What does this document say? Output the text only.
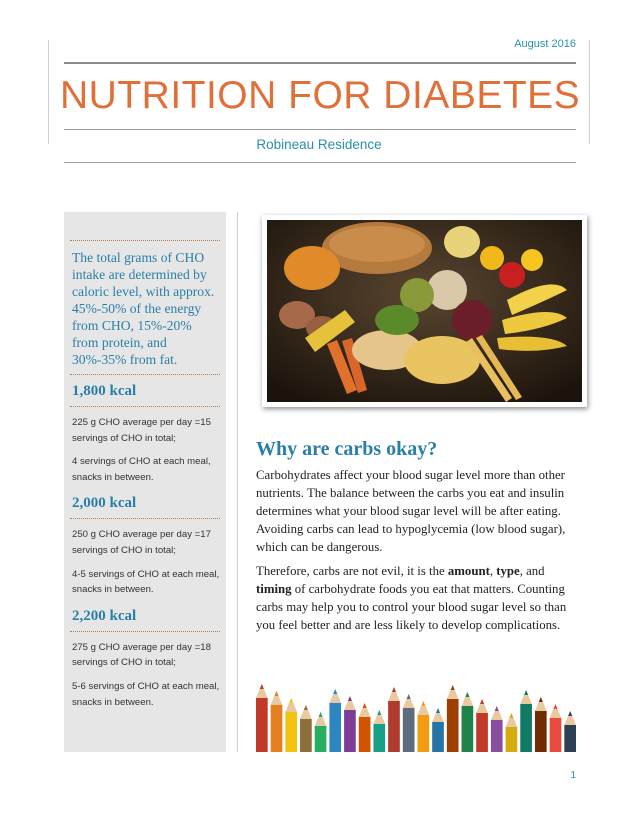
August 2016
NUTRITION FOR DIABETES
Robineau Residence
The total grams of CHO intake are determined by caloric level, with approx. 45%-50% of the energy from CHO, 15%-20% from protein, and 30%-35% from fat.
1,800 kcal
225 g CHO average per day =15 servings of CHO in total;
4 servings of CHO at each meal, snacks in between.
2,000 kcal
250 g CHO average per day =17 servings of CHO in total;
4-5 servings of CHO at each meal, snacks in between.
2,200 kcal
275 g CHO average per day =18 servings of CHO in total;
5-6 servings of CHO at each meal, snacks in between.
Why are carbs okay?
Carbohydrates affect your blood sugar level more than other nutrients. The balance between the carbs you eat and insulin determines what your blood sugar level will be after eating. Avoiding carbs can lead to hypoglycemia (low blood sugar), which can be dangerous.
Therefore, carbs are not evil, it is the amount, type, and timing of carbohydrate foods you eat that matters. Counting carbs may help you to control your blood sugar level so than you feel better and are less likely to develop complications.
1
